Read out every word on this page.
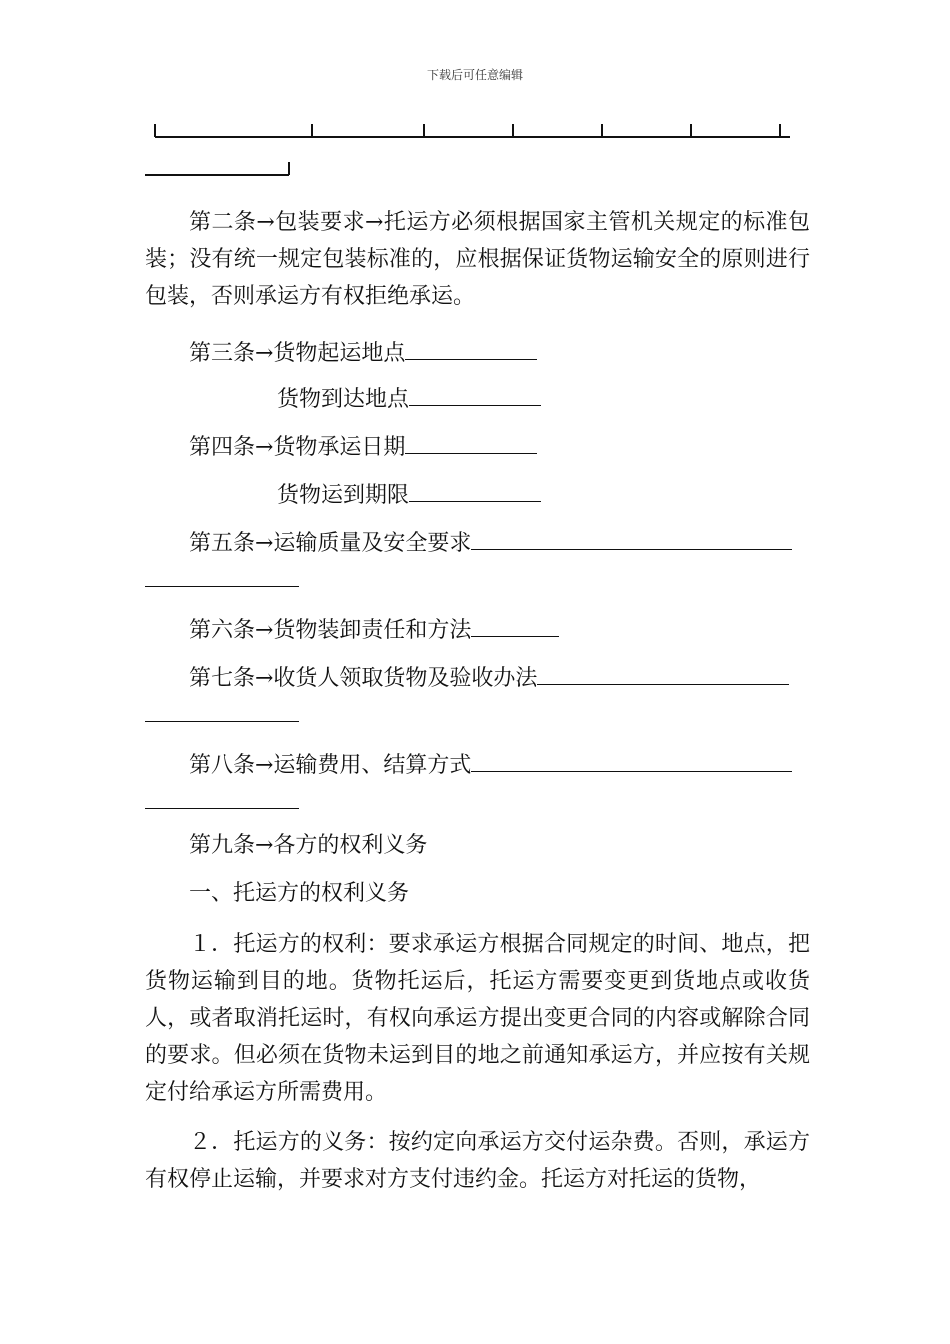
下载后可任意编辑
第二条→包装要求→托运方必须根据国家主管机关规定的标准包装；没有统一规定包装标准的，应根据保证货物运输安全的原则进行包装，否则承运方有权拒绝承运。
第三条→货物起运地点
货物到达地点
第四条→货物承运日期
货物运到期限
第五条→运输质量及安全要求
第六条→货物装卸责任和方法
第七条→收货人领取货物及验收办法
第八条→运输费用、结算方式
第九条→各方的权利义务
一、托运方的权利义务
１．托运方的权利：要求承运方根据合同规定的时间、地点，把货物运输到目的地。货物托运后，托运方需要变更到货地点或收货人，或者取消托运时，有权向承运方提出变更合同的内容或解除合同的要求。但必须在货物未运到目的地之前通知承运方，并应按有关规定付给承运方所需费用。
２．托运方的义务：按约定向承运方交付运杂费。否则，承运方有权停止运输，并要求对方支付违约金。托运方对托运的货物，
